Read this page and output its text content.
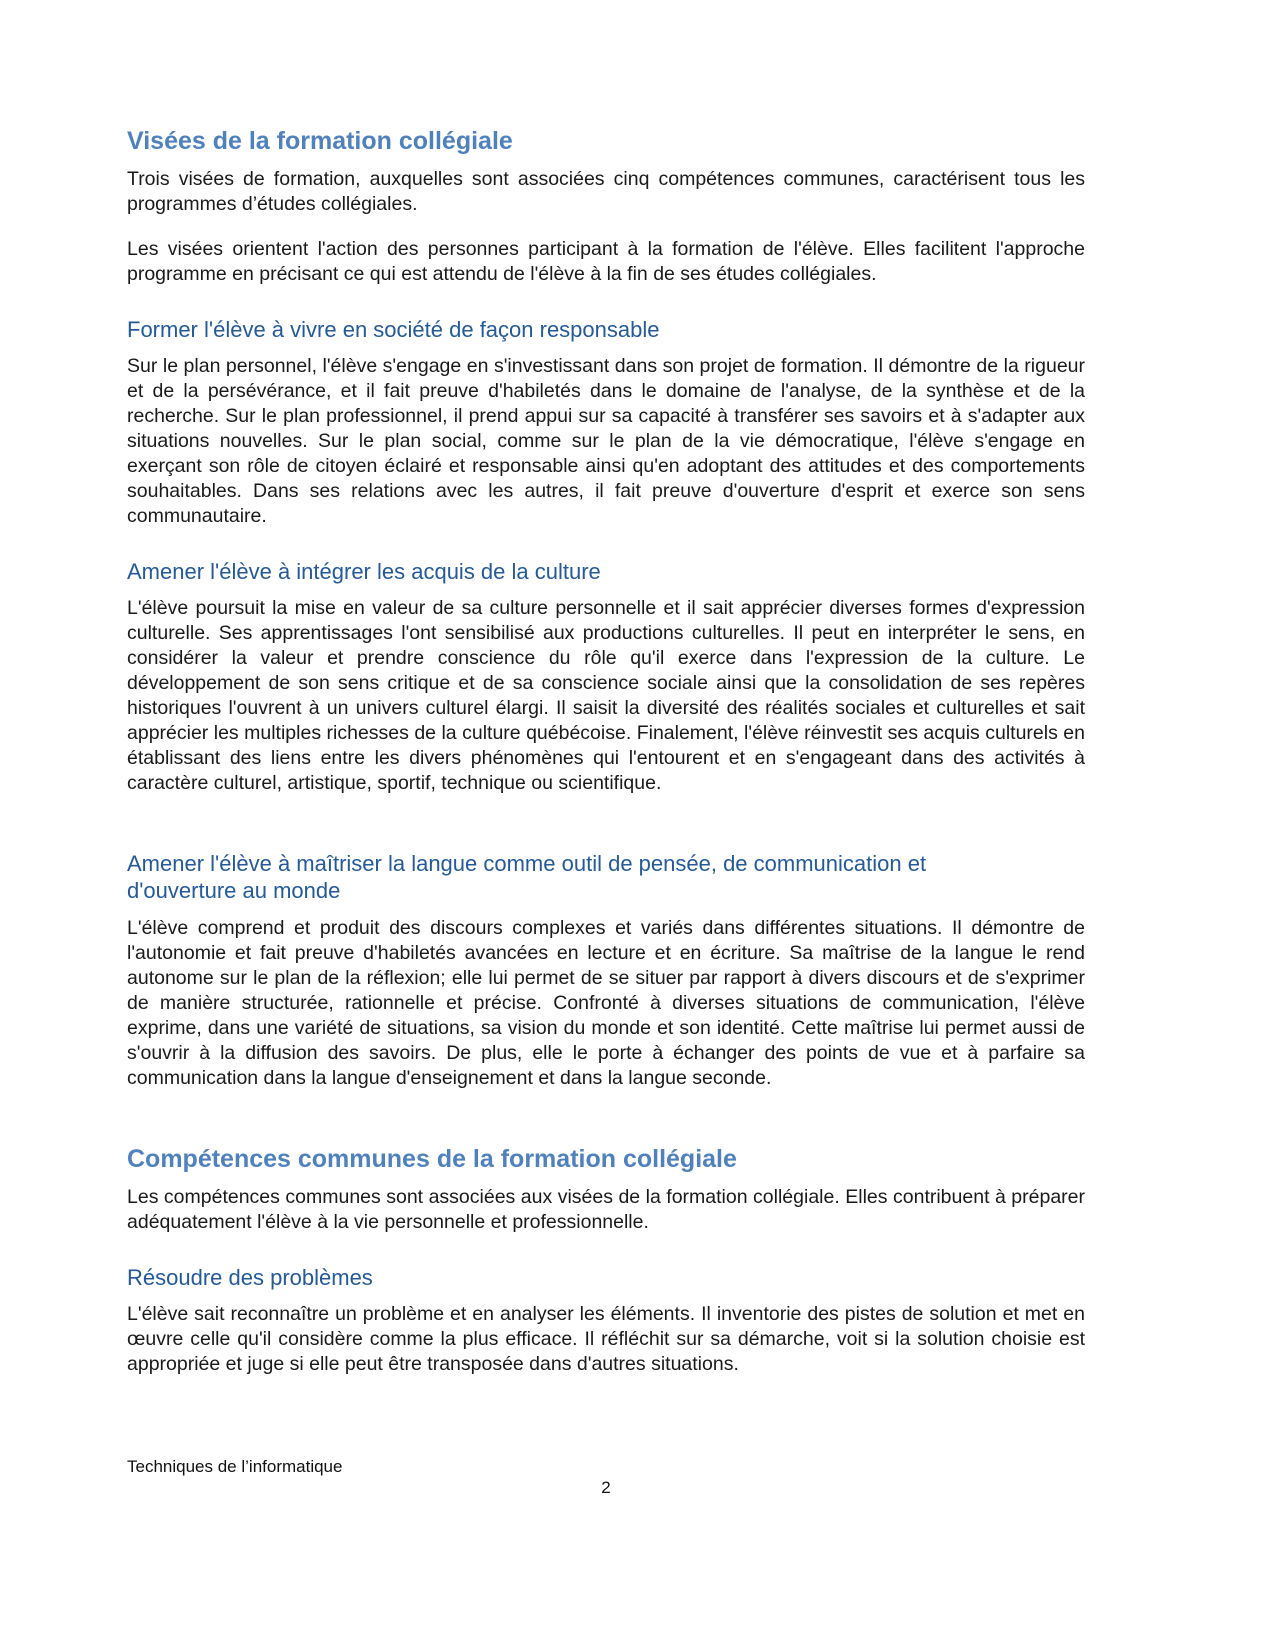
Visées de la formation collégiale

Trois visées de formation, auxquelles sont associées cinq compétences communes, caractérisent tous les programmes d’études collégiales.

Les visées orientent l'action des personnes participant à la formation de l'élève. Elles facilitent l'approche programme en précisant ce qui est attendu de l'élève à la fin de ses études collégiales.

Former l'élève à vivre en société de façon responsable

Sur le plan personnel, l'élève s'engage en s'investissant dans son projet de formation. Il démontre de la rigueur et de la persévérance, et il fait preuve d'habiletés dans le domaine de l'analyse, de la synthèse et de la recherche. Sur le plan professionnel, il prend appui sur sa capacité à transférer ses savoirs et à s'adapter aux situations nouvelles. Sur le plan social, comme sur le plan de la vie démocratique, l'élève s'engage en exerçant son rôle de citoyen éclairé et responsable ainsi qu'en adoptant des attitudes et des comportements souhaitables. Dans ses relations avec les autres, il fait preuve d'ouverture d'esprit et exerce son sens communautaire.

Amener l'élève à intégrer les acquis de la culture

L'élève poursuit la mise en valeur de sa culture personnelle et il sait apprécier diverses formes d'expression culturelle. Ses apprentissages l'ont sensibilisé aux productions culturelles. Il peut en interpréter le sens, en considérer la valeur et prendre conscience du rôle qu'il exerce dans l'expression de la culture. Le développement de son sens critique et de sa conscience sociale ainsi que la consolidation de ses repères historiques l'ouvrent à un univers culturel élargi. Il saisit la diversité des réalités sociales et culturelles et sait apprécier les multiples richesses de la culture québécoise. Finalement, l'élève réinvestit ses acquis culturels en établissant des liens entre les divers phénomènes qui l'entourent et en s'engageant dans des activités à caractère culturel, artistique, sportif, technique ou scientifique.

Amener l'élève à maîtriser la langue comme outil de pensée, de communication et d'ouverture au monde

L'élève comprend et produit des discours complexes et variés dans différentes situations. Il démontre de l'autonomie et fait preuve d'habiletés avancées en lecture et en écriture. Sa maîtrise de la langue le rend autonome sur le plan de la réflexion; elle lui permet de se situer par rapport à divers discours et de s'exprimer de manière structurée, rationnelle et précise. Confronté à diverses situations de communication, l'élève exprime, dans une variété de situations, sa vision du monde et son identité. Cette maîtrise lui permet aussi de s'ouvrir à la diffusion des savoirs. De plus, elle le porte à échanger des points de vue et à parfaire sa communication dans la langue d'enseignement et dans la langue seconde.

Compétences communes de la formation collégiale

Les compétences communes sont associées aux visées de la formation collégiale. Elles contribuent à préparer adéquatement l'élève à la vie personnelle et professionnelle.

Résoudre des problèmes

L'élève sait reconnaître un problème et en analyser les éléments. Il inventorie des pistes de solution et met en œuvre celle qu'il considère comme la plus efficace. Il réfléchit sur sa démarche, voit si la solution choisie est appropriée et juge si elle peut être transposée dans d'autres situations.

Techniques de l’informatique
2
